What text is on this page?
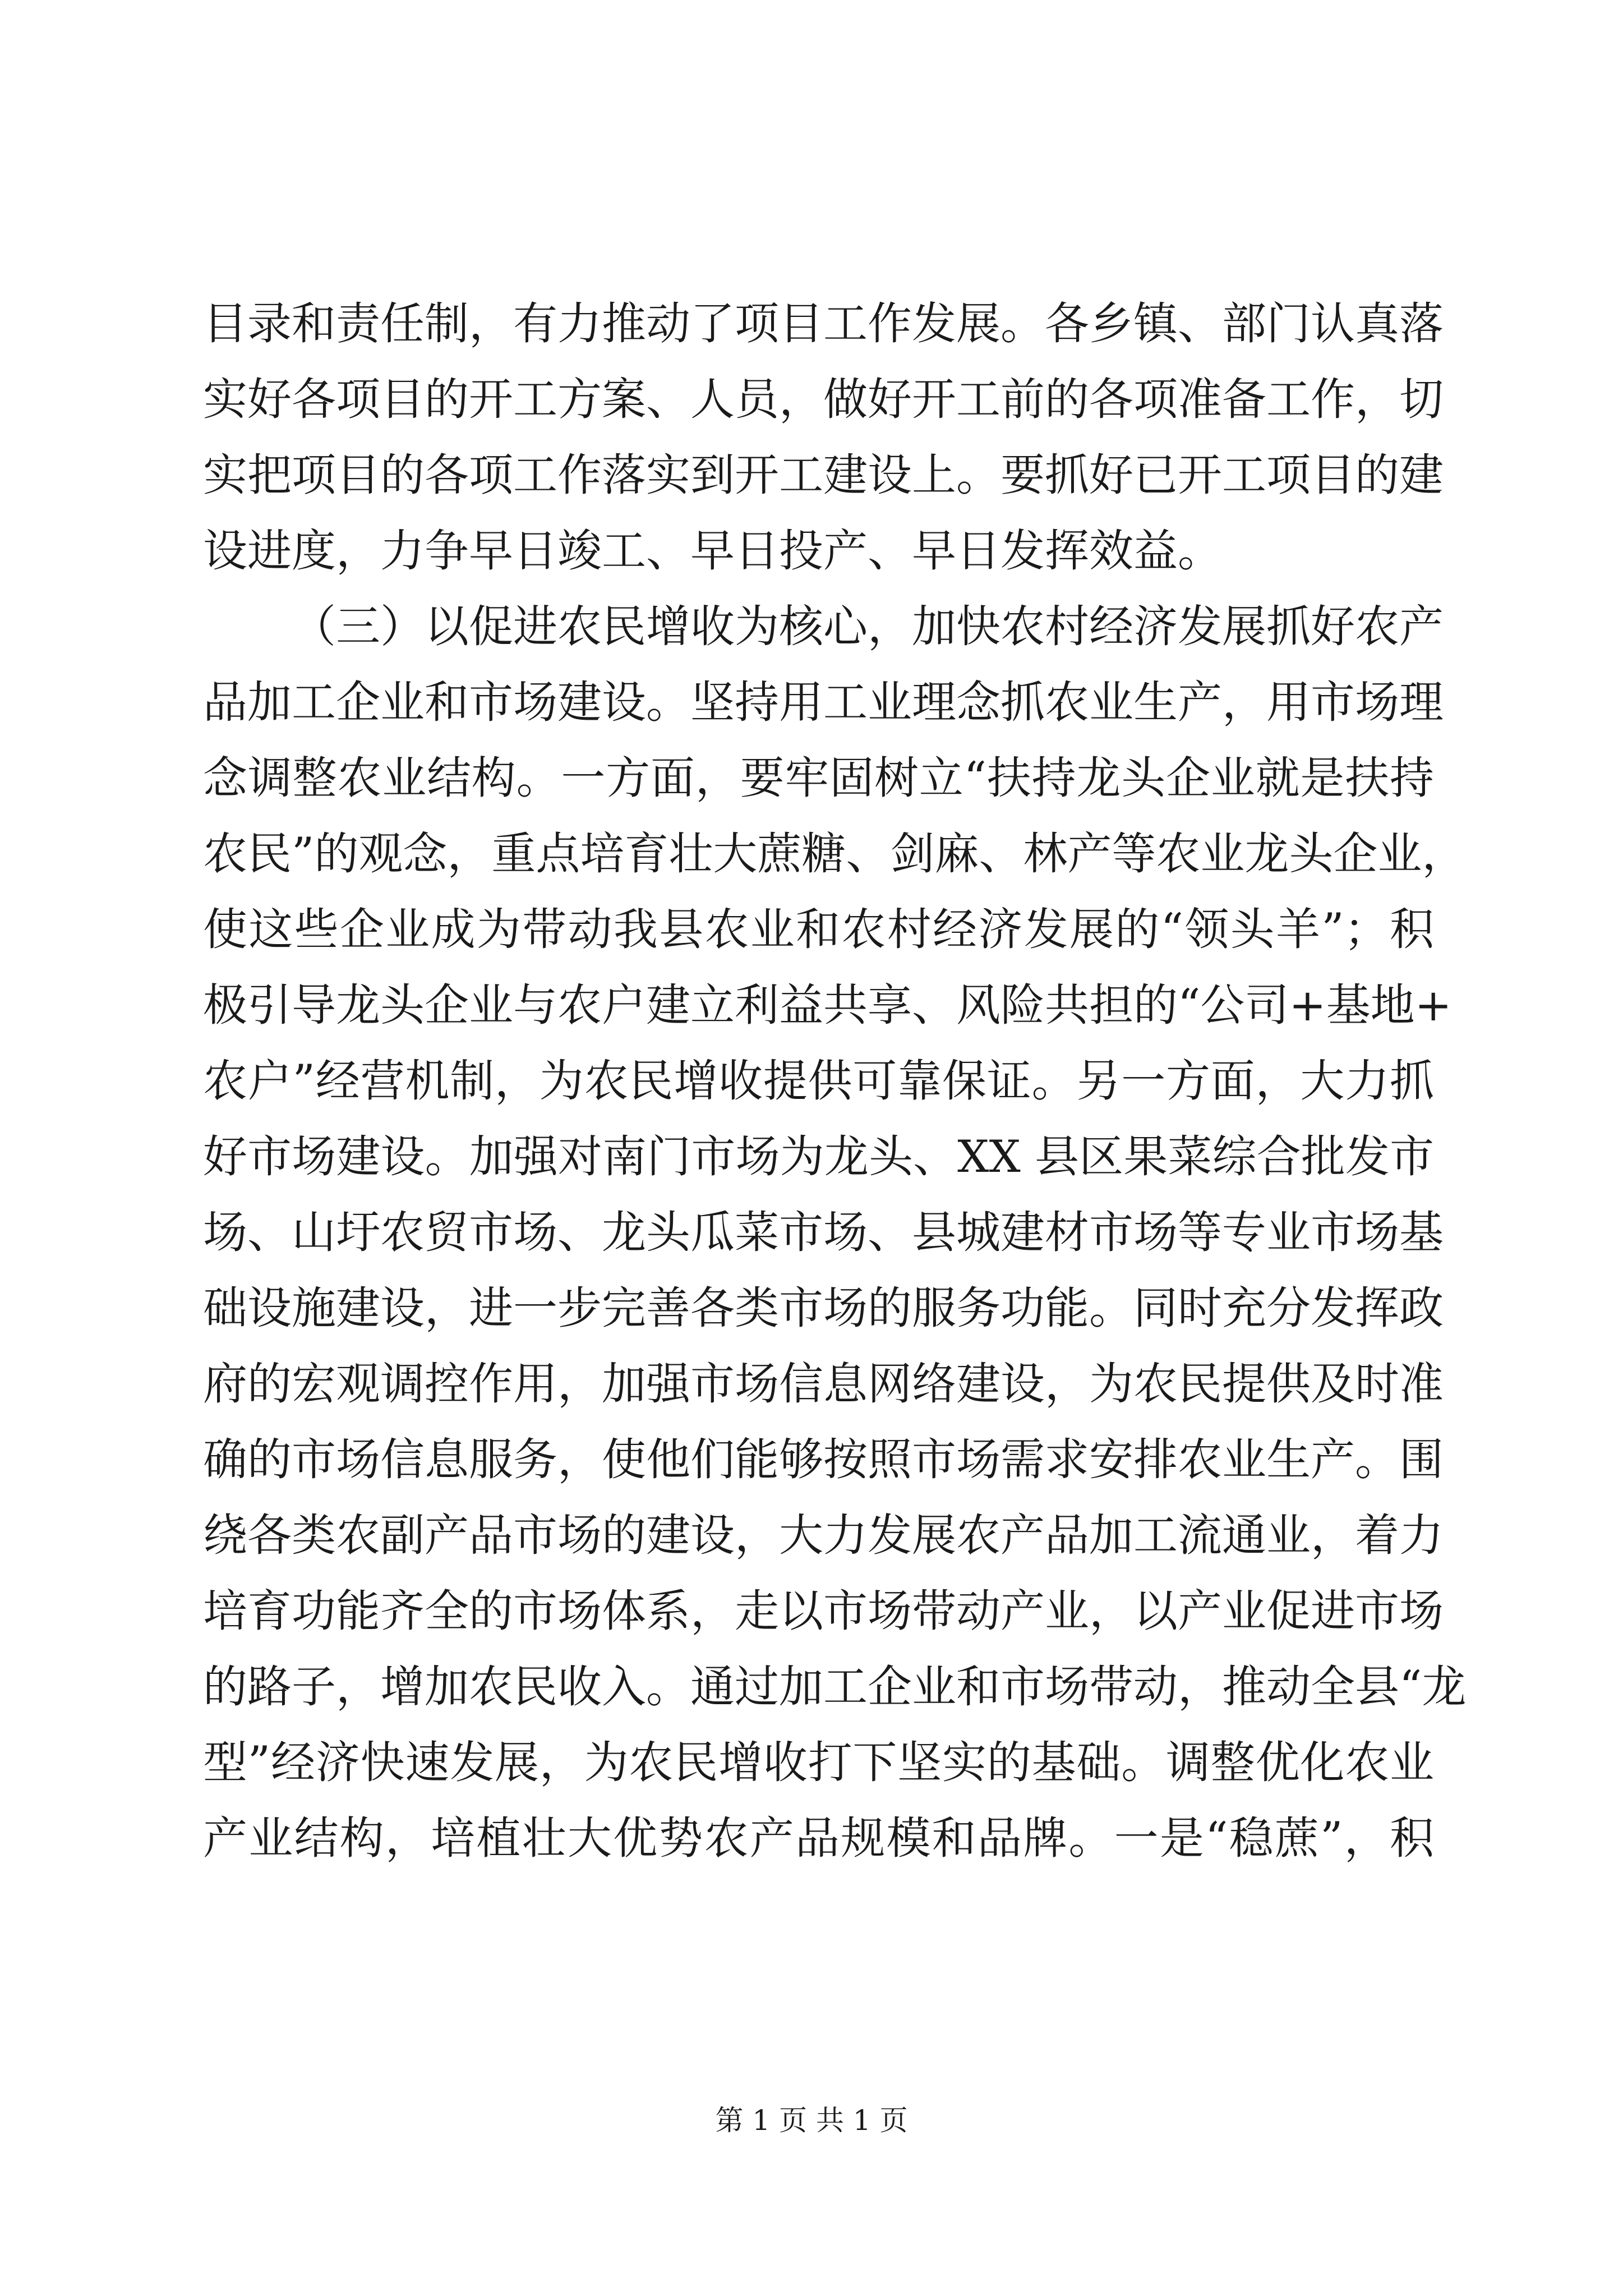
目录和责任制，有力推动了项目工作发展。各乡镇、部门认真落
实好各项目的开工方案、人员，做好开工前的各项准备工作，切
实把项目的各项工作落实到开工建设上。要抓好已开工项目的建
设进度，力争早日竣工、早日投产、早日发挥效益。
（三）以促进农民增收为核心，加快农村经济发展抓好农产
品加工企业和市场建设。坚持用工业理念抓农业生产，用市场理
念调整农业结构。一方面，要牢固树立“扶持龙头企业就是扶持
农民”的观念，重点培育壮大蔗糖、剑麻、林产等农业龙头企业，
使这些企业成为带动我县农业和农村经济发展的“领头羊”；积
极引导龙头企业与农户建立利益共享、风险共担的“公司+基地+
农户”经营机制，为农民增收提供可靠保证。另一方面，大力抓
好市场建设。加强对南门市场为龙头、XX 县区果菜综合批发市
场、山圩农贸市场、龙头瓜菜市场、县城建材市场等专业市场基
础设施建设，进一步完善各类市场的服务功能。同时充分发挥政
府的宏观调控作用，加强市场信息网络建设，为农民提供及时准
确的市场信息服务，使他们能够按照市场需求安排农业生产。围
绕各类农副产品市场的建设，大力发展农产品加工流通业，着力
培育功能齐全的市场体系，走以市场带动产业，以产业促进市场
的路子，增加农民收入。通过加工企业和市场带动，推动全县“龙
型”经济快速发展，为农民增收打下坚实的基础。调整优化农业
产业结构，培植壮大优势农产品规模和品牌。一是“稳蔗”，积
第 1 页 共 1 页
